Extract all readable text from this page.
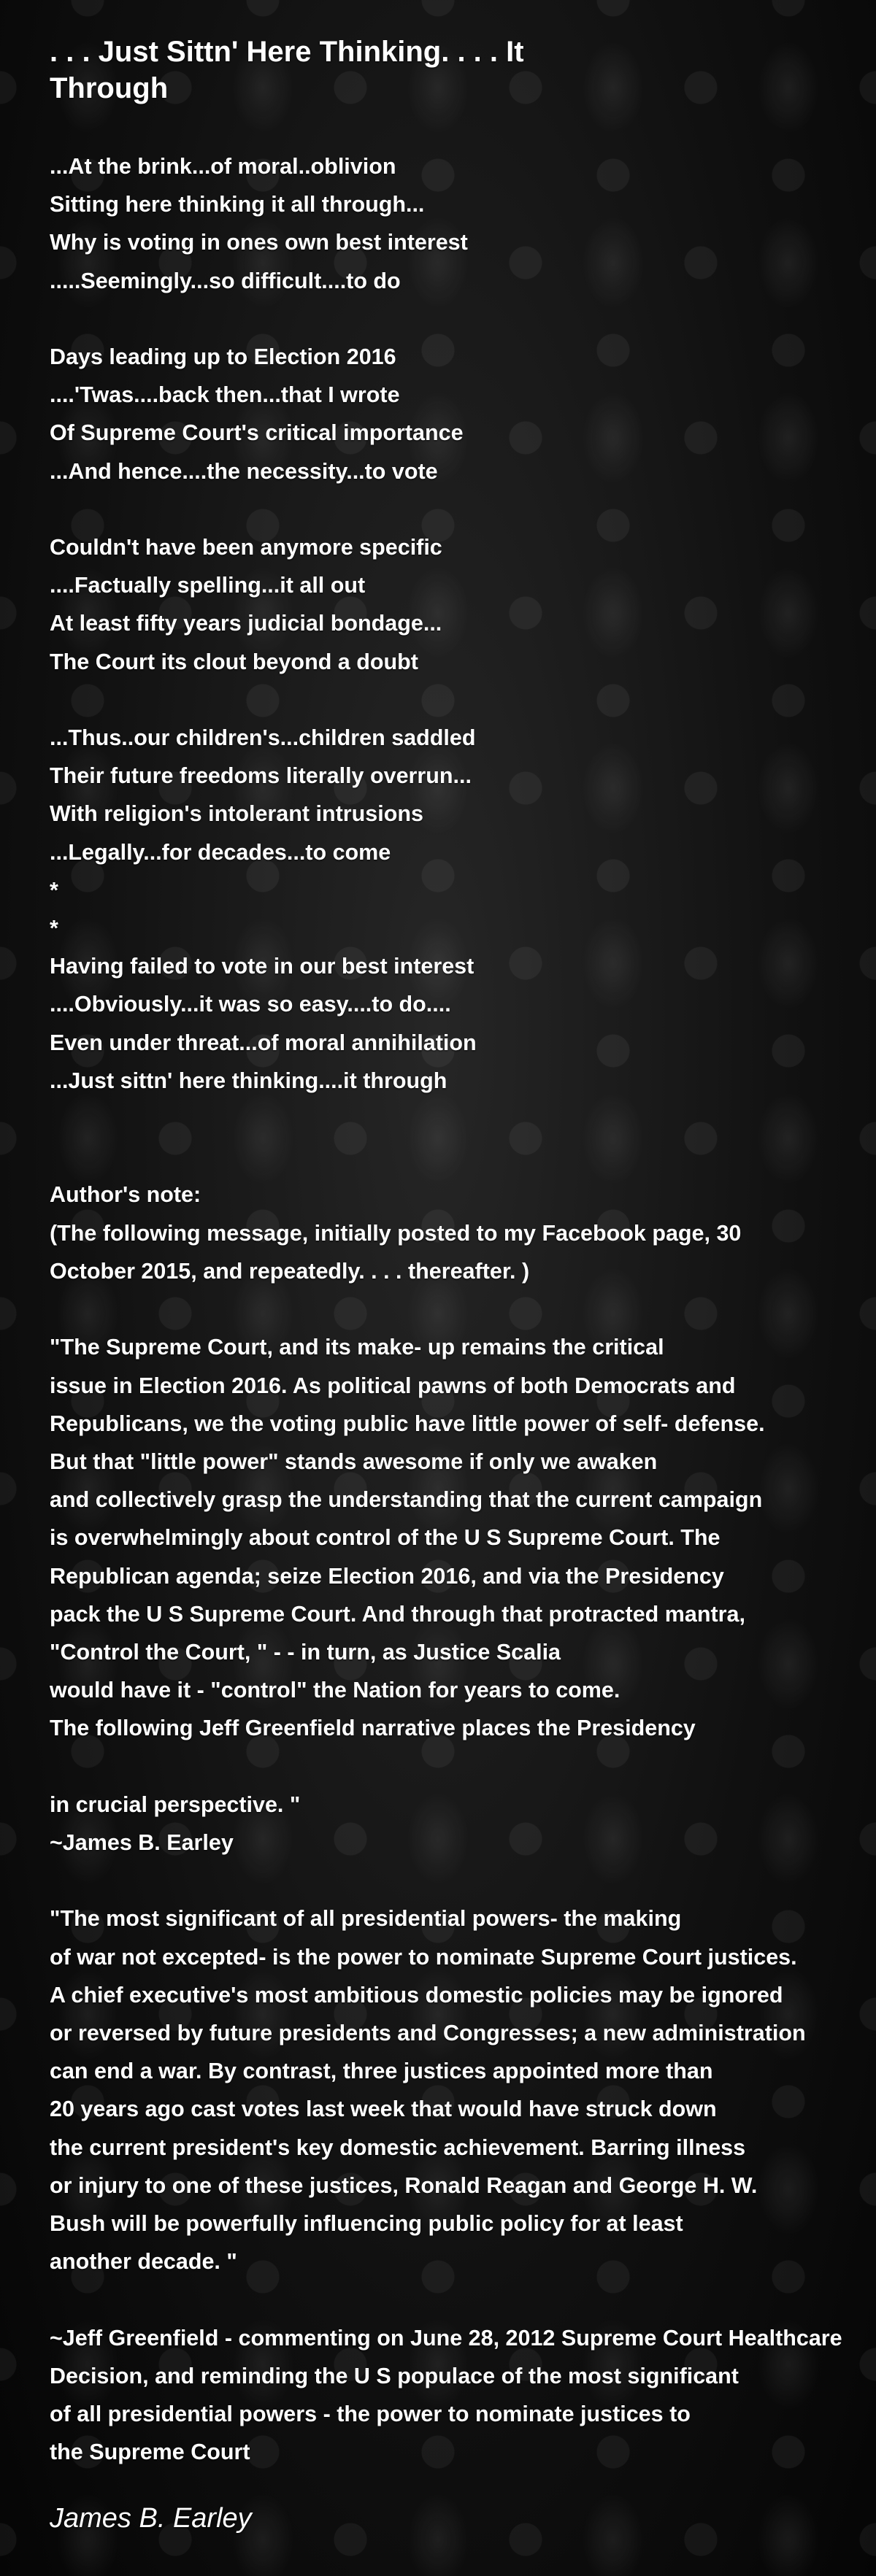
. . . Just Sittn' Here Thinking. . . . It
Through
...At the brink...of moral..oblivion
Sitting here thinking it all through...
Why is voting in ones own best interest
.....Seemingly...so difficult....to do

Days leading up to Election 2016
....'Twas....back then...that I wrote
Of Supreme Court's critical importance
...And hence....the necessity...to vote

Couldn't have been anymore specific
....Factually spelling...it all out
At least fifty years judicial bondage...
The Court its clout beyond a doubt

...Thus..our children's...children saddled
Their future freedoms literally overrun...
With religion's intolerant intrusions
...Legally...for decades...to come
*
*
Having failed to vote in our best interest
....Obviously...it was so easy....to do....
Even under threat...of moral annihilation
...Just sittn' here thinking....it through

Author's note:
(The following message, initially posted to my Facebook page, 30
October 2015, and repeatedly. . . . thereafter. )

"The Supreme Court, and its make- up remains the critical
issue in Election 2016. As political pawns of both Democrats and
Republicans, we the voting public have little power of self- defense.
But that "little power" stands awesome if only we awaken
and collectively grasp the understanding that the current campaign
is overwhelmingly about control of the U S Supreme Court. The
Republican agenda; seize Election 2016, and via the Presidency
pack the U S Supreme Court. And through that protracted mantra,
"Control the Court, " - - in turn, as Justice Scalia
would have it - "control" the Nation for years to come.
The following Jeff Greenfield narrative places the Presidency

in crucial perspective. "
~James B. Earley

"The most significant of all presidential powers- the making
of war not excepted- is the power to nominate Supreme Court justices.
A chief executive's most ambitious domestic policies may be ignored
or reversed by future presidents and Congresses; a new administration
can end a war. By contrast, three justices appointed more than
20 years ago cast votes last week that would have struck down
the current president's key domestic achievement. Barring illness
or injury to one of these justices, Ronald Reagan and George H. W.
Bush will be powerfully influencing public policy for at least
another decade. "

~Jeff Greenfield - commenting on June 28, 2012 Supreme Court Healthcare
Decision, and reminding the U S populace of the most significant
of all presidential powers - the power to nominate justices to
the Supreme Court
James B. Earley
